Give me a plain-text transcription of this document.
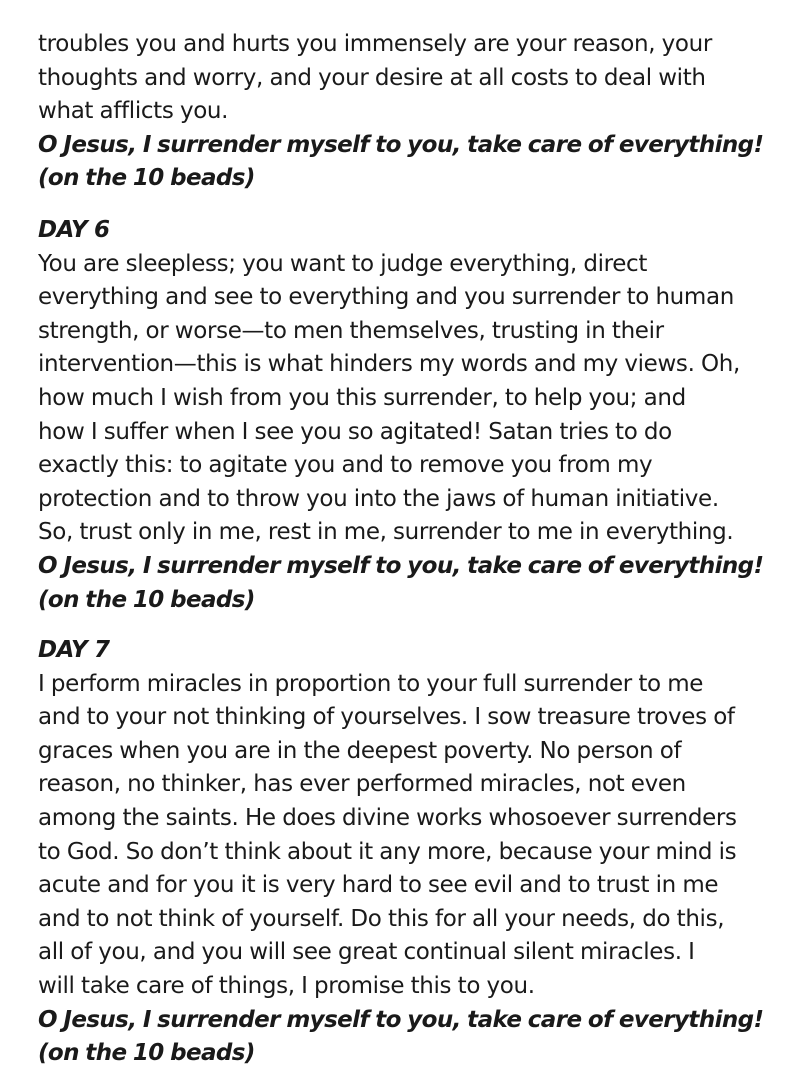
troubles you and hurts you immensely are your reason, your
thoughts and worry, and your desire at all costs to deal with
what afflicts you.
O Jesus, I surrender myself to you, take care of everything!
(on the 10 beads)
DAY 6
You are sleepless; you want to judge everything, direct
everything and see to everything and you surrender to human
strength, or worse—to men themselves, trusting in their
intervention—this is what hinders my words and my views. Oh,
how much I wish from you this surrender, to help you; and
how I suffer when I see you so agitated! Satan tries to do
exactly this: to agitate you and to remove you from my
protection and to throw you into the jaws of human initiative.
So, trust only in me, rest in me, surrender to me in everything.
O Jesus, I surrender myself to you, take care of everything!
(on the 10 beads)
DAY 7
I perform miracles in proportion to your full surrender to me
and to your not thinking of yourselves. I sow treasure troves of
graces when you are in the deepest poverty. No person of
reason, no thinker, has ever performed miracles, not even
among the saints. He does divine works whosoever surrenders
to God. So don’t think about it any more, because your mind is
acute and for you it is very hard to see evil and to trust in me
and to not think of yourself. Do this for all your needs, do this,
all of you, and you will see great continual silent miracles. I
will take care of things, I promise this to you.
O Jesus, I surrender myself to you, take care of everything!
(on the 10 beads)
